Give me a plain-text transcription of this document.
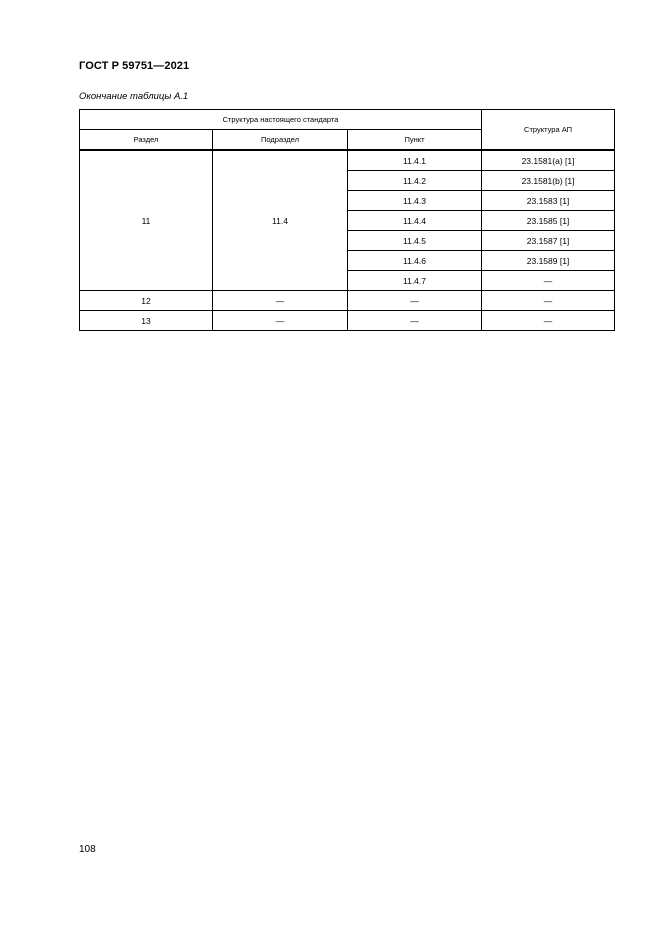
ГОСТ Р 59751—2021
Окончание таблицы А.1
Структура настоящего стандарта			Структура АП
Раздел	Подраздел	Пункт	
11	11.4	11.4.1	23.1581(a) [1]
		11.4.2	23.1581(b) [1]
		11.4.3	23.1583 [1]
		11.4.4	23.1585 [1]
		11.4.5	23.1587 [1]
		11.4.6	23.1589 [1]
		11.4.7	—
12	—	—	—
13	—	—	—
108
